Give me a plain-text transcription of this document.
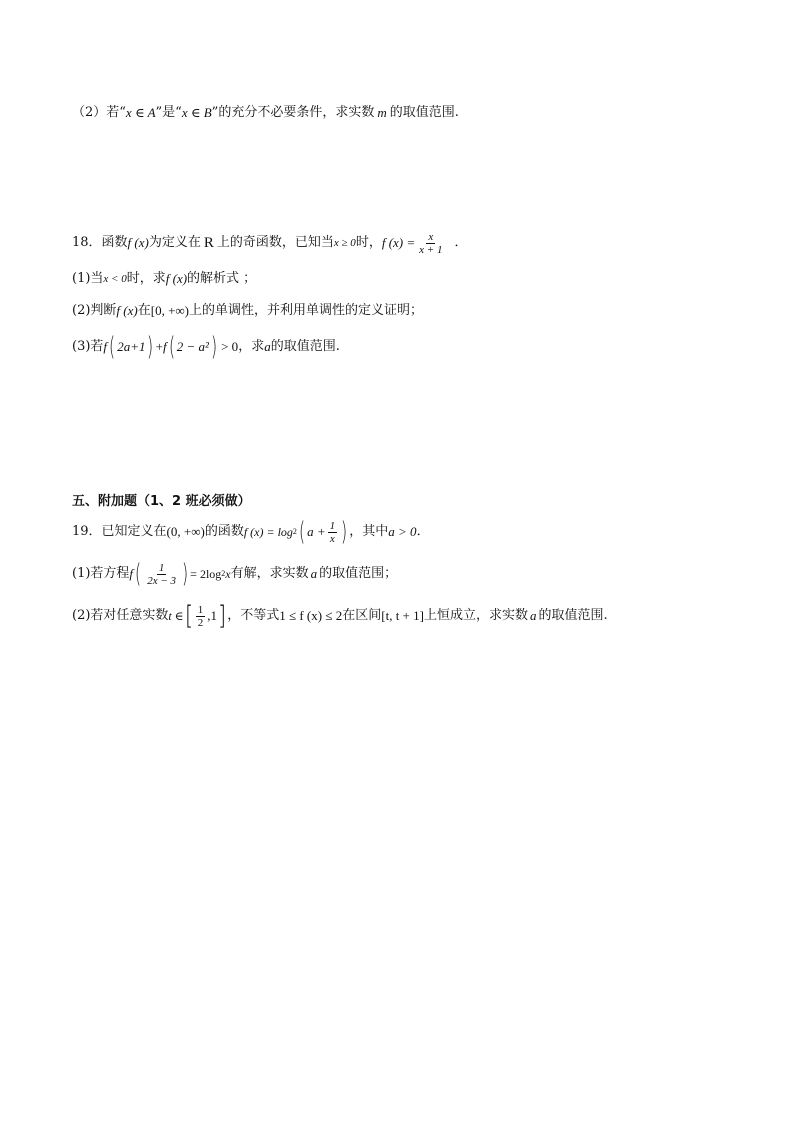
（2）若“ x ∈ A ”是“ x ∈ B ”的充分不必要条件，求实数 m 的取值范围.
18．函数 f (x) 为定义在 R 上的奇函数，已知当 x ≥ 0 时， f $(x) = \frac{x}{x + 1}$ ．
(1)当 x < 0 时，求 f (x) 的解析式 ；
(2)判断 f (x) 在 [0, +∞) 上的单调性，并利用单调性的定义证明；
(3)若 f ( 2a+1 ) + f ( 2 − a² ) > 0 ，求 a 的取值范围.
五、附加题（1、2 班必须做）
19．已知定义在 (0, +∞) 的函数 f (x) = log 2 ( $a + \frac{1}{x}$ ) ，其中 a > 0 ．
(1)若方程 f ( $\frac{1}{2x - 3}$ ) = 2log 2 x 有解，求实数 a 的取值范围；
(2)若对任意实数 t ∈ [ $\frac{1}{2} ,1$ ] ，不等式 1 ≤ f (x) ≤ 2 在区间 [t, t + 1] 上恒成立，求实数 a 的取值范围.
